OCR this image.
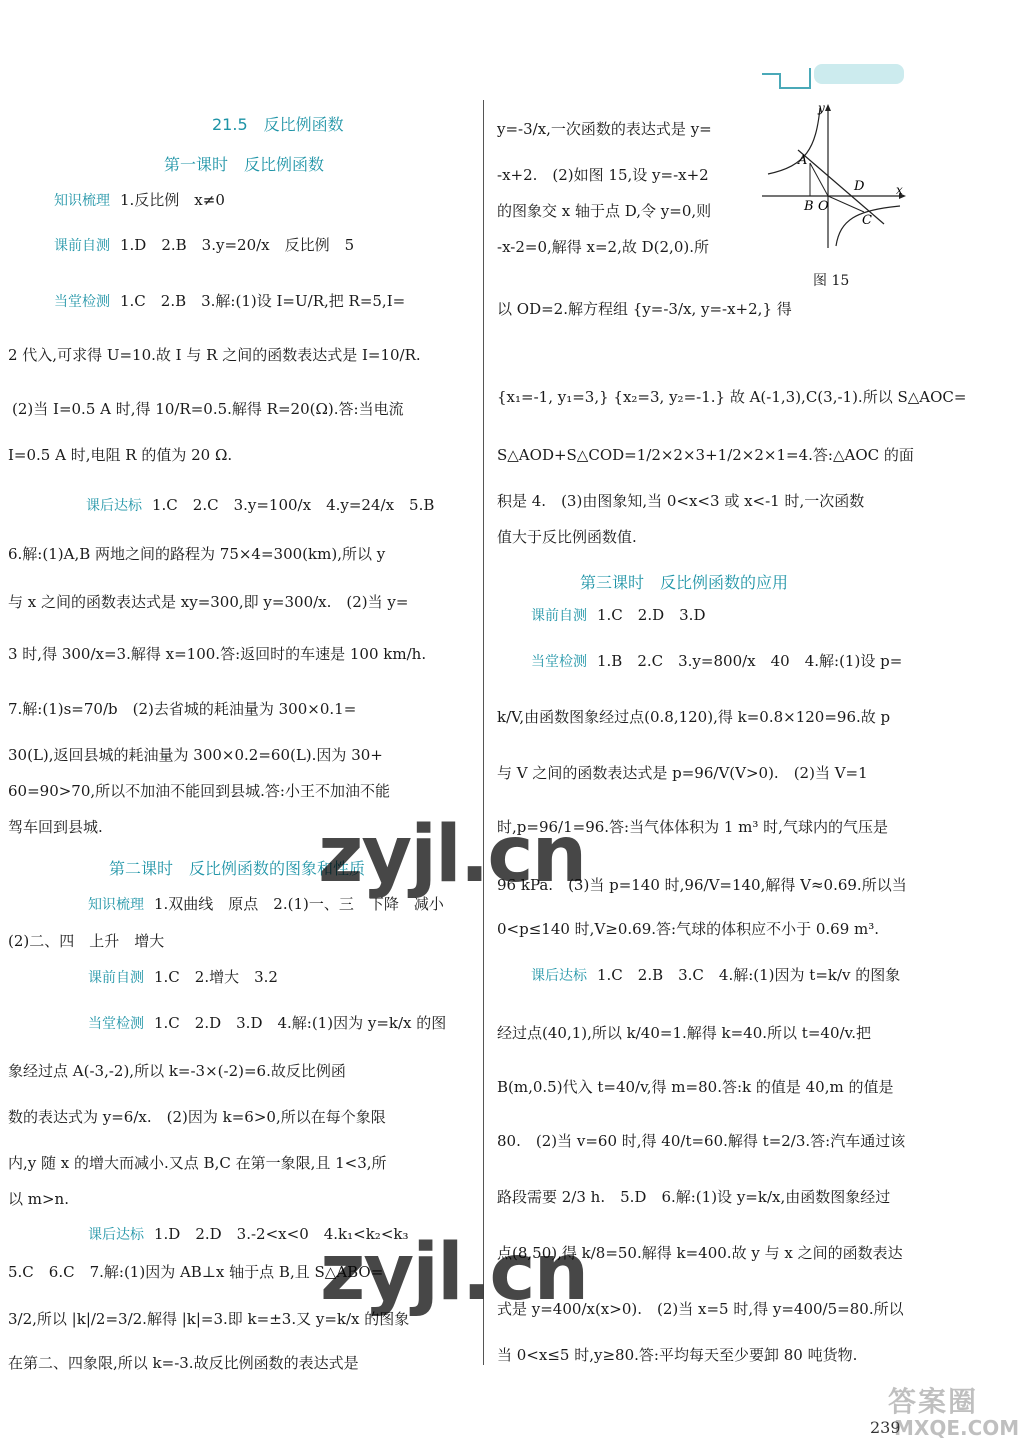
21.5　反比例函数
第一课时　反比例函数
第二课时　反比例函数的图象和性质
第三课时　反比例函数的应用
知识梳理 1.反比例　x≠0
课前自测 1.D　2.B　3.y=20/x　反比例　5
当堂检测 1.C　2.B　3.解:(1)设 I=U/R,把 R=5,I=
2 代入,可求得 U=10.故 I 与 R 之间的函数表达式是 I=10/R.
(2)当 I=0.5 A 时,得 10/R=0.5.解得 R=20(Ω).答:当电流
I=0.5 A 时,电阻 R 的值为 20 Ω.
课后达标 1.C　2.C　3.y=100/x　4.y=24/x　5.B
6.解:(1)A,B 两地之间的路程为 75×4=300(km),所以 y
与 x 之间的函数表达式是 xy=300,即 y=300/x.　(2)当 y=
3 时,得 300/x=3.解得 x=100.答:返回时的车速是 100 km/h.
7.解:(1)s=70/b　(2)去省城的耗油量为 300×0.1=
30(L),返回县城的耗油量为 300×0.2=60(L).因为 30+
60=90>70,所以不加油不能回到县城.答:小王不加油不能
驾车回到县城.
知识梳理 1.双曲线　原点　2.(1)一、三　下降　减小
(2)二、四　上升　增大
课前自测 1.C　2.增大　3.2
当堂检测 1.C　2.D　3.D　4.解:(1)因为 y=k/x 的图
象经过点 A(-3,-2),所以 k=-3×(-2)=6.故反比例函
数的表达式为 y=6/x.　(2)因为 k=6>0,所以在每个象限
内,y 随 x 的增大而减小.又点 B,C 在第一象限,且 1<3,所
以 m>n.
课后达标 1.D　2.D　3.-2<x<0　4.k₁<k₂<k₃
5.C　6.C　7.解:(1)因为 AB⊥x 轴于点 B,且 S△ABO=
3/2,所以 |k|/2=3/2.解得 |k|=3.即 k=±3.又 y=k/x 的图象
在第二、四象限,所以 k=-3.故反比例函数的表达式是
y=-3/x,一次函数的表达式是 y=
-x+2.　(2)如图 15,设 y=-x+2
的图象交 x 轴于点 D,令 y=0,则
-x-2=0,解得 x=2,故 D(2,0).所
以 OD=2.解方程组 {y=-3/x, y=-x+2,} 得
{x₁=-1, y₁=3,} {x₂=3, y₂=-1.} 故 A(-1,3),C(3,-1).所以 S△AOC=
S△AOD+S△COD=1/2×2×3+1/2×2×1=4.答:△AOC 的面
积是 4.　(3)由图象知,当 0<x<3 或 x<-1 时,一次函数
值大于反比例函数值.
课前自测 1.C　2.D　3.D
当堂检测 1.B　2.C　3.y=800/x　40　4.解:(1)设 p=
k/V,由函数图象经过点(0.8,120),得 k=0.8×120=96.故 p
与 V 之间的函数表达式是 p=96/V(V>0).　(2)当 V=1
时,p=96/1=96.答:当气体体积为 1 m³ 时,气球内的气压是
96 kPa.　(3)当 p=140 时,96/V=140,解得 V≈0.69.所以当
0<p≤140 时,V≥0.69.答:气球的体积应不小于 0.69 m³.
课后达标 1.C　2.B　3.C　4.解:(1)因为 t=k/v 的图象
经过点(40,1),所以 k/40=1.解得 k=40.所以 t=40/v.把
B(m,0.5)代入 t=40/v,得 m=80.答:k 的值是 40,m 的值是
80.　(2)当 v=60 时,得 40/t=60.解得 t=2/3.答:汽车通过该
路段需要 2/3 h.　5.D　6.解:(1)设 y=k/x,由函数图象经过
点(8,50),得 k/8=50.解得 k=400.故 y 与 x 之间的函数表达
式是 y=400/x(x>0).　(2)当 x=5 时,得 y=400/5=80.所以
当 0<x≤5 时,y≥80.答:平均每天至少要卸 80 吨货物.
y
x
A
B O
D
C
图 15
zyjl.cn
zyjl.cn
答案圈
MXQE.COM
239
